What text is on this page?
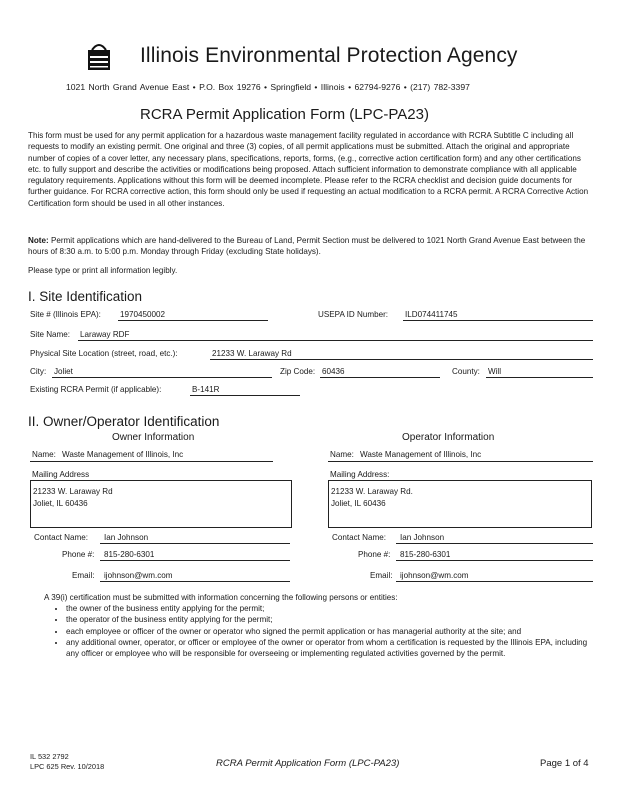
Illinois Environmental Protection Agency
1021 North Grand Avenue East • P.O. Box 19276 • Springfield • Illinois • 62794-9276 • (217) 782-3397
RCRA Permit Application Form (LPC-PA23)
This form must be used for any permit application for a hazardous waste management facility regulated in accordance with RCRA Subtitle C including all requests to modify an existing permit. One original and three (3) copies, of all permit applications must be submitted. Attach the original and appropriate number of copies of a cover letter, any necessary plans, specifications, reports, forms, (e.g., corrective action certification form) and any other certifications etc. to fully support and describe the activities or modifications being proposed. Attach sufficient information to demonstrate compliance with all applicable regulatory requirements. Applications without this form will be deemed incomplete. Please refer to the RCRA checklist and decision guide documents for further guidance. For RCRA corrective action, this form should only be used if requesting an actual modification to a RCRA permit. A RCRA Corrective Action Certification form should be used in all other instances.
Note: Permit applications which are hand-delivered to the Bureau of Land, Permit Section must be delivered to 1021 North Grand Avenue East between the hours of 8:30 a.m. to 5:00 p.m. Monday through Friday (excluding State holidays).
Please type or print all information legibly.
I. Site Identification
Site # (Illinois EPA): 1970450002	USEPA ID Number: ILD074411745
Site Name: Laraway RDF
Physical Site Location (street, road, etc.):	21233 W. Laraway Rd
City: Joliet	Zip Code: 60436	County: Will
Existing RCRA Permit (if applicable):	B-141R
II. Owner/Operator Identification
Owner Information
Name: Waste Management of Illinois, Inc
Mailing Address
21233 W. Laraway Rd
Joliet, IL 60436
Contact Name: Ian Johnson
Phone #: 815-280-6301
Email: ijohnson@wm.com
Operator Information
Name: Waste Management of Illinois, Inc
Mailing Address:
21233 W. Laraway Rd.
Joliet, IL 60436
Contact Name: Ian Johnson
Phone #: 815-280-6301
Email: ijohnson@wm.com
A 39(i) certification must be submitted with information concerning the following persons or entities:
• the owner of the business entity applying for the permit;
• the operator of the business entity applying for the permit;
• each employee or officer of the owner or operator who signed the permit application or has managerial authority at the site; and
• any additional owner, operator, or officer or employee of the owner or operator from whom a certification is requested by the Illinois EPA, including any officer or employee who will be responsible for overseeing or implementing regulated activities governed by the permit.
IL 532 2792
LPC 625 Rev. 10/2018	RCRA Permit Application Form (LPC-PA23)	Page 1 of 4
